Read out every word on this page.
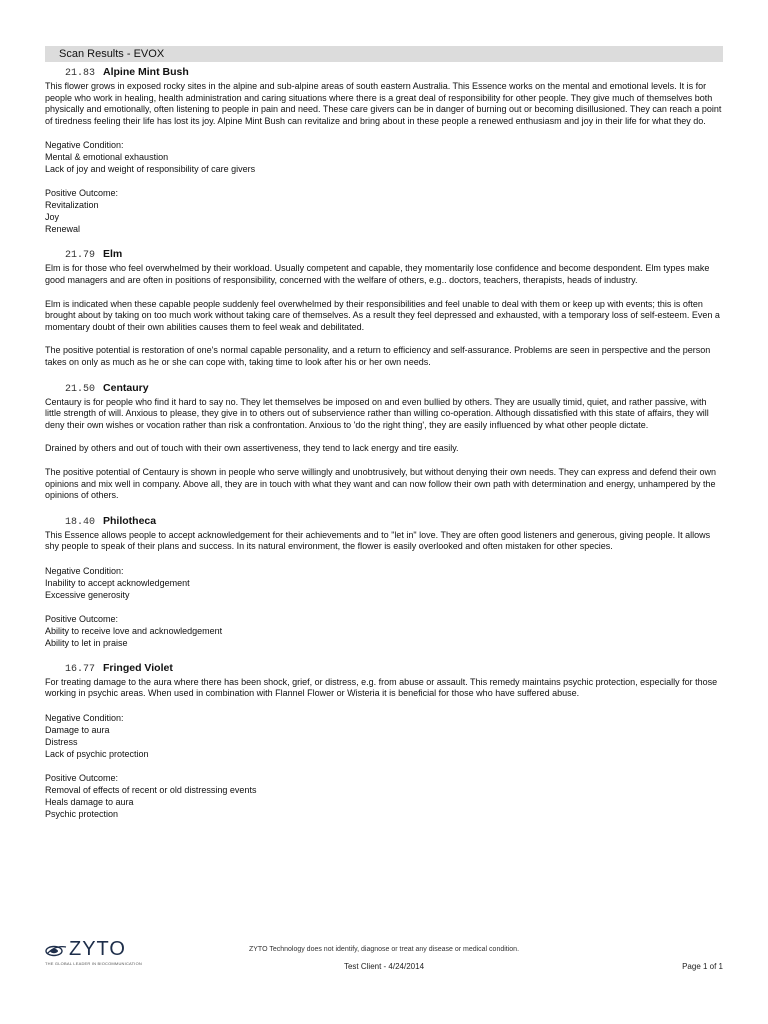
Scan Results - EVOX
21.83 Alpine Mint Bush

This flower grows in exposed rocky sites in the alpine and sub-alpine areas of south eastern Australia. This Essence works on the mental and emotional levels. It is for people who work in healing, health administration and caring situations where there is a great deal of responsibility for other people. They give much of themselves both physically and emotionally, often listening to people in pain and need. These care givers can be in danger of burning out or becoming disillusioned. They can reach a point of tiredness feeling their life has lost its joy. Alpine Mint Bush can revitalize and bring about in these people a renewed enthusiasm and joy in their life for what they do.

Negative Condition:
Mental & emotional exhaustion
Lack of joy and weight of responsibility of care givers
Positive Outcome:
Revitalization
Joy
Renewal
21.79 Elm

Elm is for those who feel overwhelmed by their workload. Usually competent and capable, they momentarily lose confidence and become despondent. Elm types make good managers and are often in positions of responsibility, concerned with the welfare of others, e.g.. doctors, teachers, therapists, heads of industry.

Elm is indicated when these capable people suddenly feel overwhelmed by their responsibilities and feel unable to deal with them or keep up with events; this is often brought about by taking on too much work without taking care of themselves. As a result they feel depressed and exhausted, with a temporary loss of self-esteem. Even a momentary doubt of their own abilities causes them to feel weak and debilitated.

The positive potential is restoration of one's normal capable personality, and a return to efficiency and self-assurance. Problems are seen in perspective and the person takes on only as much as he or she can cope with, taking time to look after his or her own needs.

21.50 Centaury

Centaury is for people who find it hard to say no. They let themselves be imposed on and even bullied by others. They are usually timid, quiet, and rather passive, with little strength of will. Anxious to please, they give in to others out of subservience rather than willing co-operation. Although dissatisfied with this state of affairs, they will deny their own wishes or vocation rather than risk a confrontation. Anxious to 'do the right thing', they are easily influenced by what other people dictate.

Drained by others and out of touch with their own assertiveness, they tend to lack energy and tire easily.

The positive potential of Centaury is shown in people who serve willingly and unobtrusively, but without denying their own needs. They can express and defend their own opinions and mix well in company. Above all, they are in touch with what they want and can now follow their own path with determination and energy, unhampered by the opinions of others.

18.40 Philotheca

This Essence allows people to accept acknowledgement for their achievements and to "let in" love. They are often good listeners and generous, giving people. It allows shy people to speak of their plans and success. In its natural environment, the flower is easily overlooked and often mistaken for other species.

Negative Condition:
Inability to accept acknowledgement
Excessive generosity
Positive Outcome:
Ability to receive love and acknowledgement
Ability to let in praise
16.77 Fringed Violet

For treating damage to the aura where there has been shock, grief, or distress, e.g. from abuse or assault. This remedy maintains psychic protection, especially for those working in psychic areas. When used in combination with Flannel Flower or Wisteria it is beneficial for those who have suffered abuse.

Negative Condition:
Damage to aura
Distress
Lack of psychic protection
Positive Outcome:
Removal of effects of recent or old distressing events
Heals damage to aura
Psychic protection
ZYTO
THE GLOBAL LEADER IN BIOCOMMUNICATION
ZYTO Technology does not identify, diagnose or treat any disease or medical condition.
Test Client - 4/24/2014	Page 1 of 1
